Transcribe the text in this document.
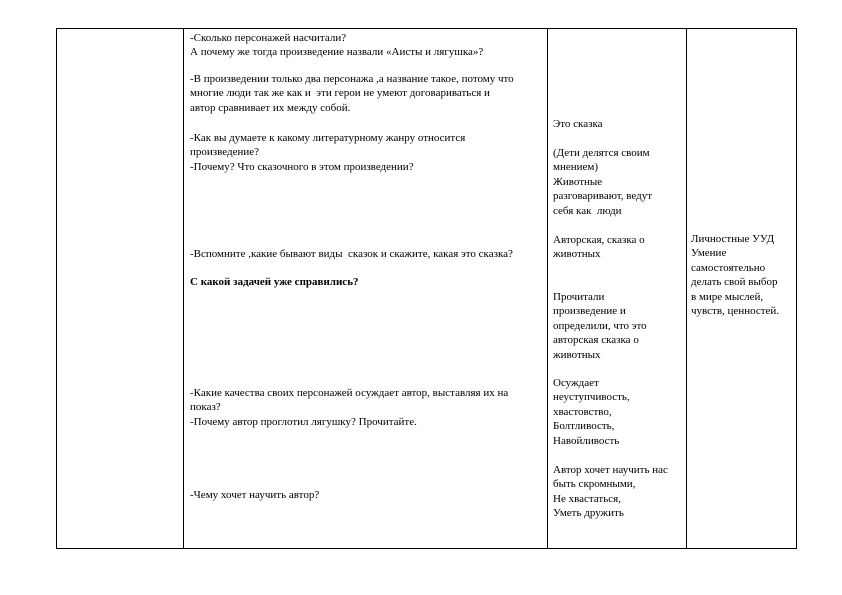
-Сколько персонажей насчитали?
А почему же тогда произведение назвали «Аисты и лягушка»?
-В произведении только два персонажа ,а название такое, потому что
многие люди так же как и  эти герои не умеют договариваться и
автор сравнивает их между собой.
-Как вы думаете к какому литературному жанру относится
произведение?
-Почему? Что сказочного в этом произведении?
-Вспомните ,какие бывают виды  сказок и скажите, какая это сказка?
С какой задачей уже справились?
-Какие качества своих персонажей осуждает автор, выставляя их на
показ?
-Почему автор проглотил лягушку? Прочитайте.
-Чему хочет научить автор?
Это сказка
(Дети делятся своим
мнением)
Животные
разговаривают, ведут
себя как  люди
Авторская, сказка о
животных
Прочитали
произведение и
определили, что это
авторская сказка о
животных
Осуждает
неуступчивость,
хвастовство,
Болтливость,
Навойливость
Автор хочет научить нас
быть скромными,
Не хвастаться,
Уметь дружить
Личностные УУД
Умение
самостоятельно
делать свой выбор
в мире мыслей,
чувств, ценностей.
